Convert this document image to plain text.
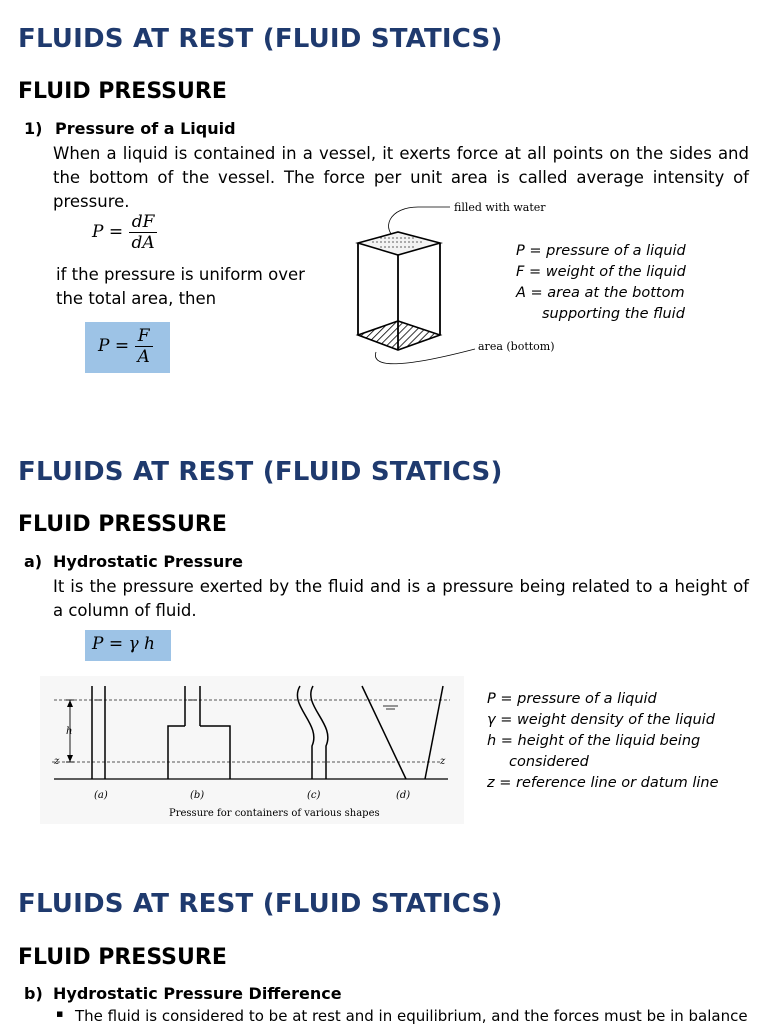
FLUIDS AT REST (FLUID STATICS)
FLUID PRESSURE
1) Pressure of a Liquid
When a liquid is contained in a vessel, it exerts force at all points on the sides and
the bottom of the vessel. The force per unit area is called average intensity of
pressure.
$P = \frac{dF}{dA}$
if the pressure is uniform over
the total area, then
$P = \frac{F}{A}$
filled with water
area (bottom)
P = pressure of a liquid
F = weight of the liquid
A = area at the bottom
supporting the fluid
FLUIDS AT REST (FLUID STATICS)
FLUID PRESSURE
a) Hydrostatic Pressure
It is the pressure exerted by the fluid and is a pressure being related to a height of
a column of fluid.
P = γ h
h
z	z
(a)	(b)	(c)	(d)
Pressure for containers of various shapes
P = pressure of a liquid
γ = weight density of the liquid
h = height of the liquid being
considered
z = reference line or datum line
FLUIDS AT REST (FLUID STATICS)
FLUID PRESSURE
b) Hydrostatic Pressure Difference
▪ The fluid is considered to be at rest and in equilibrium, and the forces must be in balance
